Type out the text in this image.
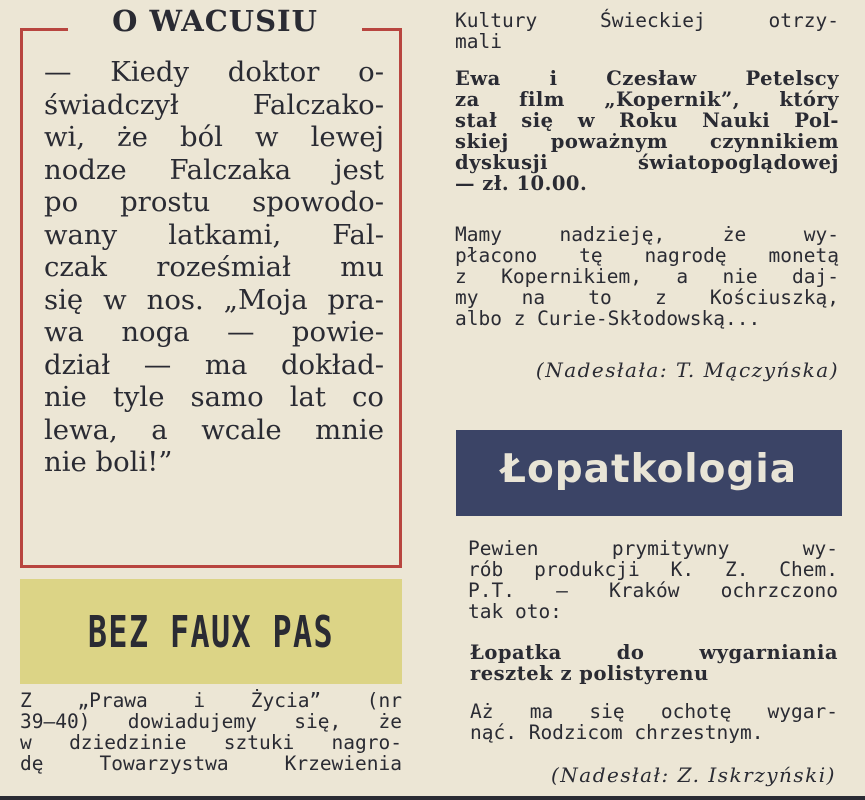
O WACUSIU
— Kiedy doktor o-
świadczył Falczako-
wi, że ból w lewej
nodze Falczaka jest
po prostu spowodo-
wany latkami, Fal-
czak roześmiał mu
się w nos. „Moja pra-
wa noga — powie-
dział — ma dokład-
nie tyle samo lat co
lewa, a wcale mnie
nie boli!”
BEZ FAUX PAS
Z „Prawa i Życia” (nr
39—40) dowiadujemy się, że
w dziedzinie sztuki nagro-
dę Towarzystwa Krzewienia
Kultury Świeckiej otrzy-
mali
Ewa i Czesław Petelscy
za film „Kopernik”, który
stał się w Roku Nauki Pol-
skiej poważnym czynnikiem
dyskusji światopoglądowej
— zł. 10.00.
Mamy nadzieję, że wy-
płacono tę nagrodę monetą
z Kopernikiem, a nie daj-
my na to z Kościuszką,
albo z Curie-Skłodowską...
(Nadesłała: T. Mączyńska)
Łopatkologia
Pewien prymitywny wy-
rób produkcji K. Z. Chem.
P.T. — Kraków ochrzczono
tak oto:
Łopatka do wygarniania
resztek z polistyrenu
Aż ma się ochotę wygar-
nąć. Rodzicom chrzestnym.
(Nadesłał: Z. Iskrzyński)
